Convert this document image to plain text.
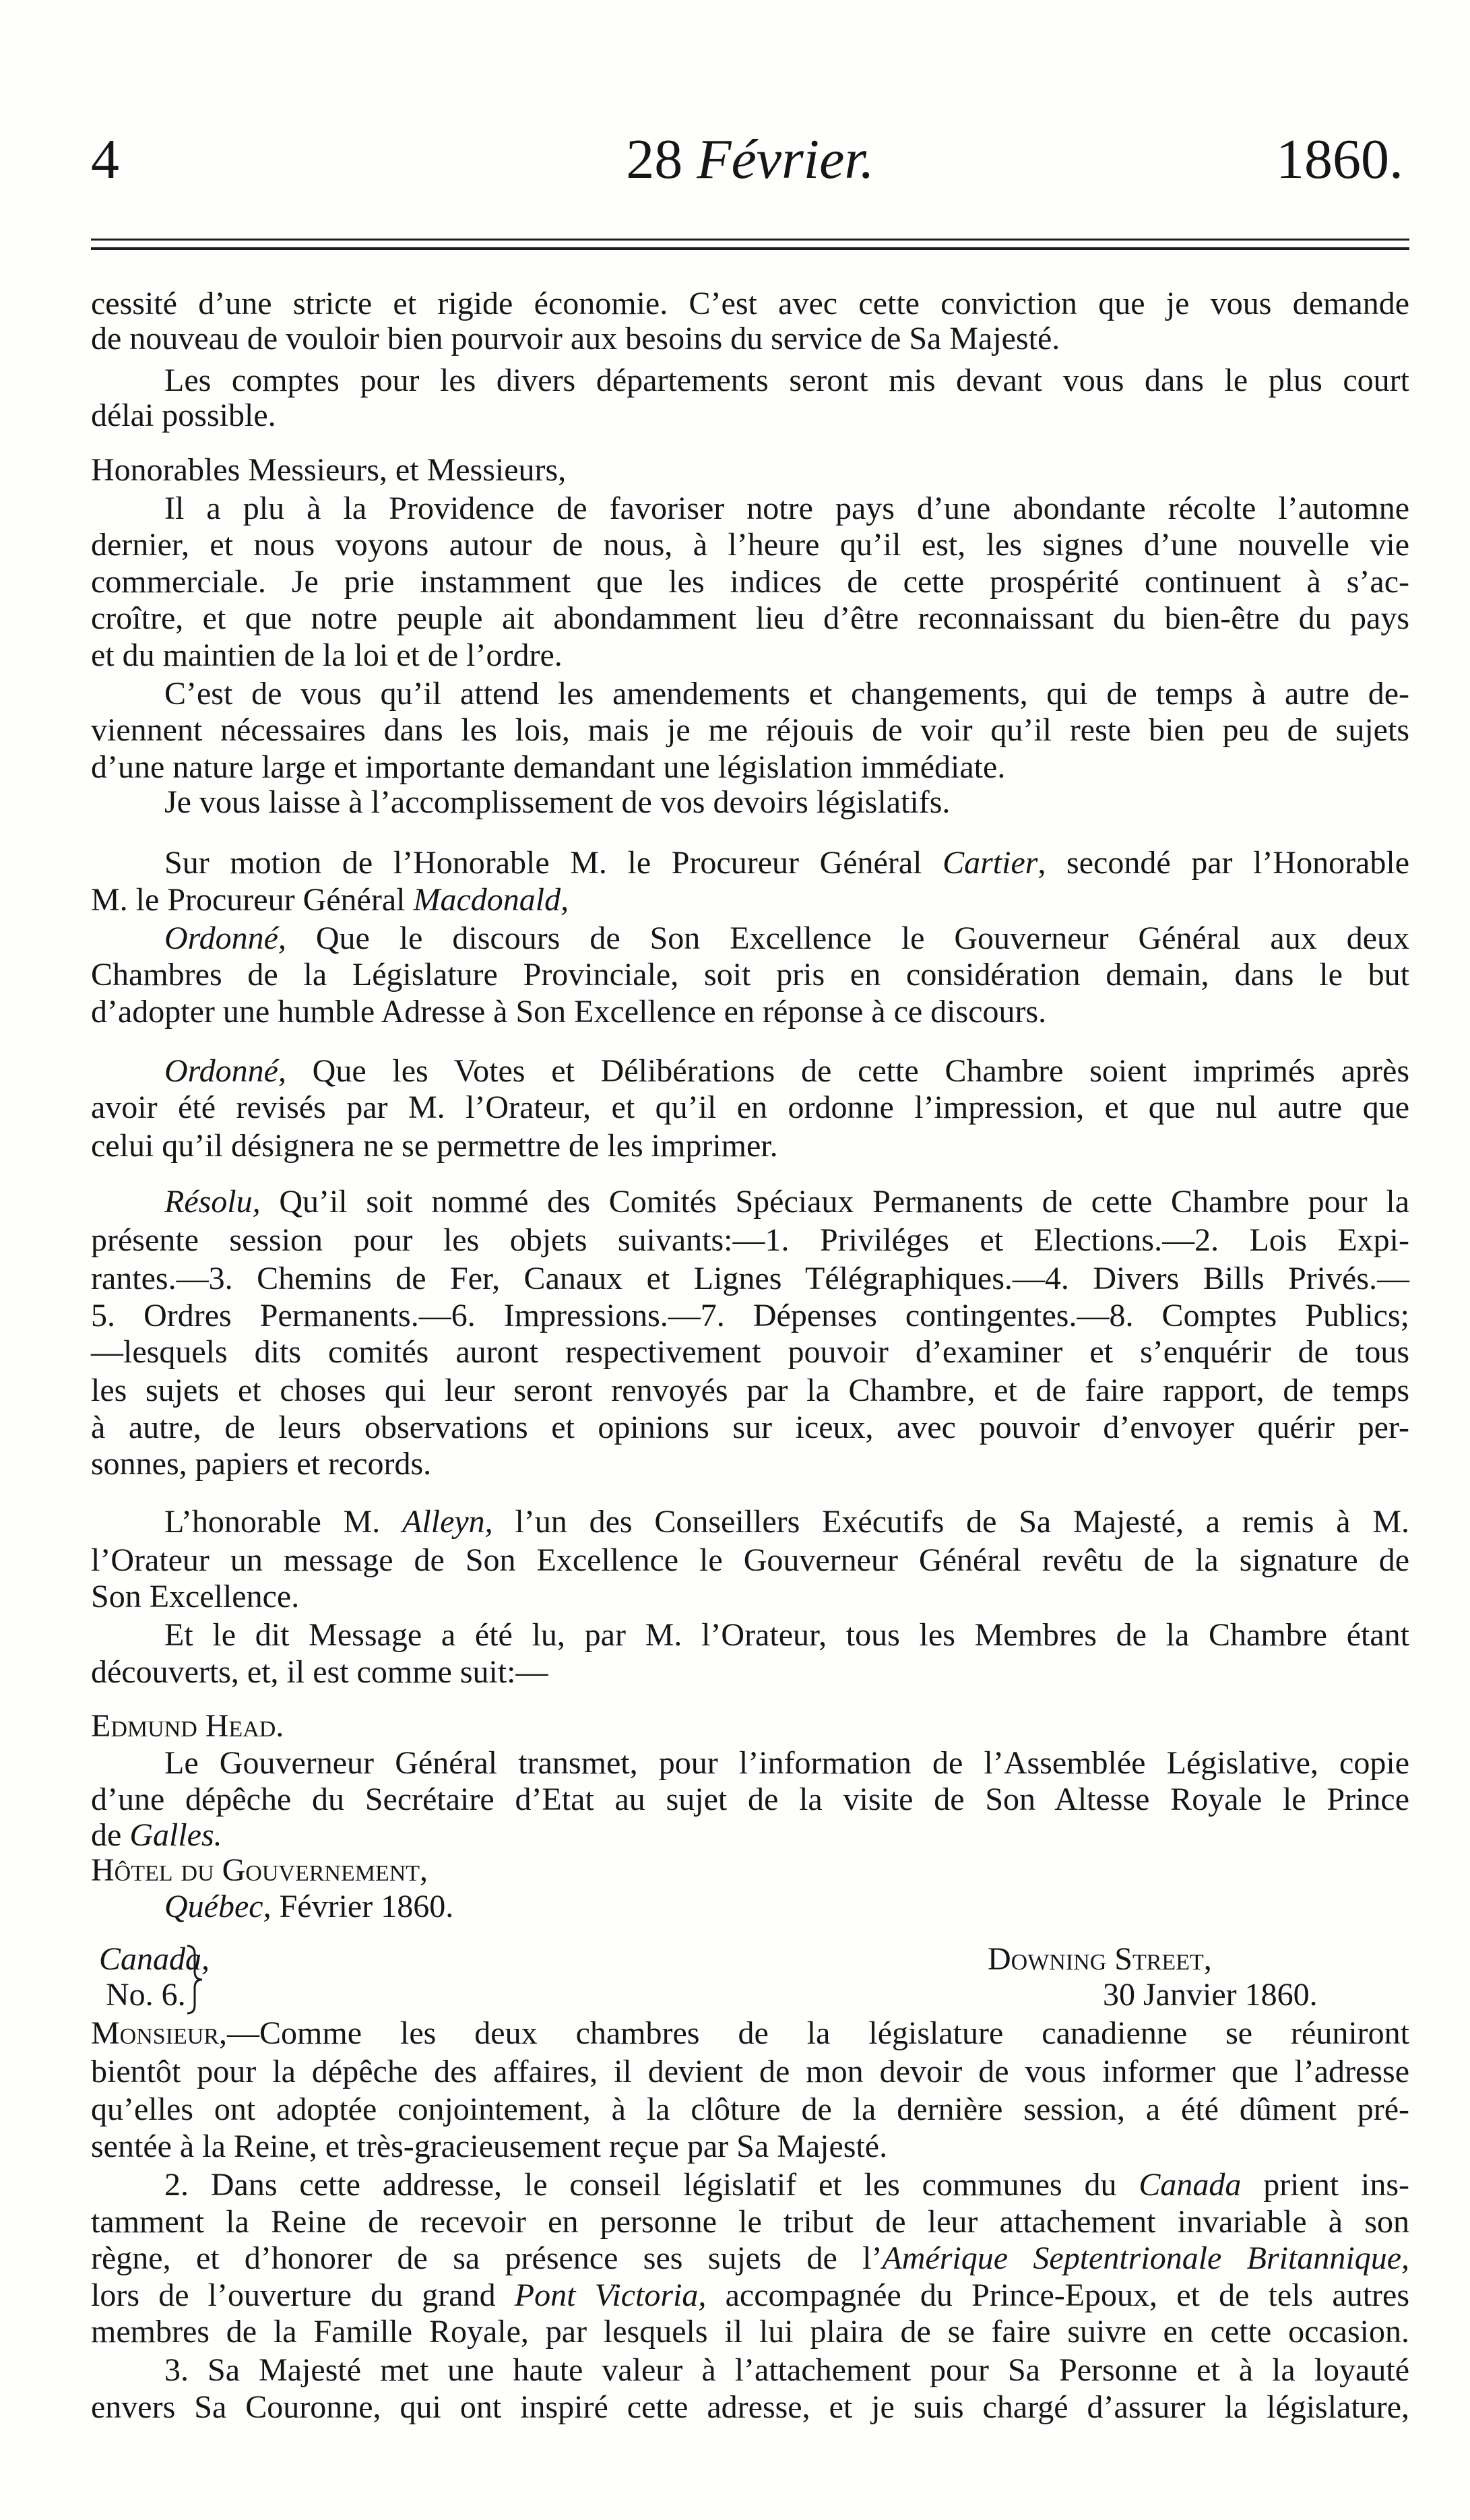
4	28 Février.	1860.
cessité d’une stricte et rigide économie. C’est avec cette conviction que je vous demande
de nouveau de vouloir bien pourvoir aux besoins du service de Sa Majesté.
Les comptes pour les divers départements seront mis devant vous dans le plus court
délai possible.
Honorables Messieurs, et Messieurs,
Il a plu à la Providence de favoriser notre pays d’une abondante récolte l’automne
dernier, et nous voyons autour de nous, à l’heure qu’il est, les signes d’une nouvelle vie
commerciale. Je prie instamment que les indices de cette prospérité continuent à s’ac-
croître, et que notre peuple ait abondamment lieu d’être reconnaissant du bien-être du pays
et du maintien de la loi et de l’ordre.
C’est de vous qu’il attend les amendements et changements, qui de temps à autre de-
viennent nécessaires dans les lois, mais je me réjouis de voir qu’il reste bien peu de sujets
d’une nature large et importante demandant une législation immédiate.
Je vous laisse à l’accomplissement de vos devoirs législatifs.
Sur motion de l’Honorable M. le Procureur Général Cartier, secondé par l’Honorable
M. le Procureur Général Macdonald,
Ordonné, Que le discours de Son Excellence le Gouverneur Général aux deux
Chambres de la Législature Provinciale, soit pris en considération demain, dans le but
d’adopter une humble Adresse à Son Excellence en réponse à ce discours.
Ordonné, Que les Votes et Délibérations de cette Chambre soient imprimés après
avoir été revisés par M. l’Orateur, et qu’il en ordonne l’impression, et que nul autre que
celui qu’il désignera ne se permettre de les imprimer.
Résolu, Qu’il soit nommé des Comités Spéciaux Permanents de cette Chambre pour la
présente session pour les objets suivants:—1. Priviléges et Elections.—2. Lois Expi-
rantes.—3. Chemins de Fer, Canaux et Lignes Télégraphiques.—4. Divers Bills Privés.—
5. Ordres Permanents.—6. Impressions.—7. Dépenses contingentes.—8. Comptes Publics;
—lesquels dits comités auront respectivement pouvoir d’examiner et s’enquérir de tous
les sujets et choses qui leur seront renvoyés par la Chambre, et de faire rapport, de temps
à autre, de leurs observations et opinions sur iceux, avec pouvoir d’envoyer quérir per-
sonnes, papiers et records.
L’honorable M. Alleyn, l’un des Conseillers Exécutifs de Sa Majesté, a remis à M.
l’Orateur un message de Son Excellence le Gouverneur Général revêtu de la signature de
Son Excellence.
Et le dit Message a été lu, par M. l’Orateur, tous les Membres de la Chambre étant
découverts, et, il est comme suit:—
Edmund Head.
Le Gouverneur Général transmet, pour l’information de l’Assemblée Législative, copie
d’une dépêche du Secrétaire d’Etat au sujet de la visite de Son Altesse Royale le Prince
de Galles.
Hôtel du Gouvernement,
Québec, Février 1860.
Canada,
No. 6.
Downing Street,
30 Janvier 1860.
Monsieur,—Comme les deux chambres de la législature canadienne se réuniront
bientôt pour la dépêche des affaires, il devient de mon devoir de vous informer que l’adresse
qu’elles ont adoptée conjointement, à la clôture de la dernière session, a été dûment pré-
sentée à la Reine, et très-gracieusement reçue par Sa Majesté.
2. Dans cette addresse, le conseil législatif et les communes du Canada prient ins-
tamment la Reine de recevoir en personne le tribut de leur attachement invariable à son
règne, et d’honorer de sa présence ses sujets de l’Amérique Septentrionale Britannique,
lors de l’ouverture du grand Pont Victoria, accompagnée du Prince-Epoux, et de tels autres
membres de la Famille Royale, par lesquels il lui plaira de se faire suivre en cette occasion.
3. Sa Majesté met une haute valeur à l’attachement pour Sa Personne et à la loyauté
envers Sa Couronne, qui ont inspiré cette adresse, et je suis chargé d’assurer la législature,
